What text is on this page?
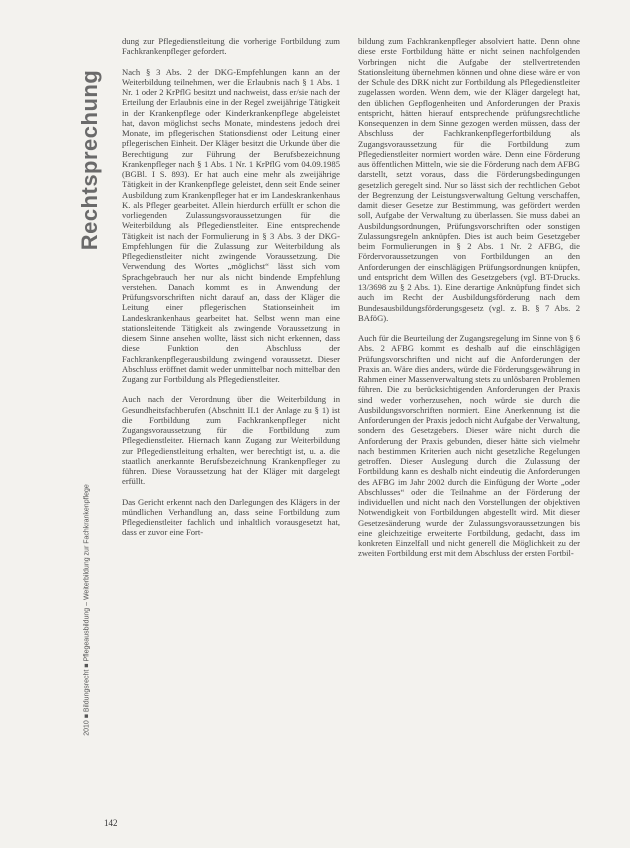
Rechtsprechung
2010 ■ Bildungsrecht ■ Pflegeausbildung – Weiterbildung zur Fachkrankenpflege

dung zur Pflegedienstleitung die vorherige Fortbildung zum Fachkrankenpfleger gefordert.

Nach § 3 Abs. 2 der DKG-Empfehlungen kann an der Weiterbildung teilnehmen, wer die Erlaubnis nach § 1 Abs. 1 Nr. 1 oder 2 KrPflG besitzt und nachweist, dass er/sie nach der Erteilung der Erlaubnis eine in der Regel zweijährige Tätigkeit in der Krankenpflege oder Kinderkrankenpflege abgeleistet hat, davon möglichst sechs Monate, mindestens jedoch drei Monate, im pflegerischen Stationsdienst oder Leitung einer pflegerischen Einheit. Der Kläger besitzt die Urkunde über die Berechtigung zur Führung der Berufsbezeichnung Krankenpfleger nach § 1 Abs. 1 Nr. 1 KrPflG vom 04.09.1985 (BGBl. I S. 893). Er hat auch eine mehr als zweijährige Tätigkeit in der Krankenpflege geleistet, denn seit Ende seiner Ausbildung zum Krankenpfleger hat er im Landeskrankenhaus K. als Pfleger gearbeitet. Allein hierdurch erfüllt er schon die vorliegenden Zulassungsvoraussetzungen für die Weiterbildung als Pflegedienstleiter. Eine entsprechende Tätigkeit ist nach der Formulierung in § 3 Abs. 3 der DKG-Empfehlungen für die Zulassung zur Weiterbildung als Pflegedienstleiter nicht zwingende Voraussetzung. Die Verwendung des Wortes „möglichst“ lässt sich vom Sprachgebrauch her nur als nicht bindende Empfehlung verstehen. Danach kommt es in Anwendung der Prüfungsvorschriften nicht darauf an, dass der Kläger die Leitung einer pflegerischen Stationseinheit im Landeskrankenhaus gearbeitet hat. Selbst wenn man eine stationsleitende Tätigkeit als zwingende Voraussetzung in diesem Sinne ansehen wollte, lässt sich nicht erkennen, dass diese Funktion den Abschluss der Fachkrankenpflegerausbildung zwingend voraussetzt. Dieser Abschluss eröffnet damit weder unmittelbar noch mittelbar den Zugang zur Fortbildung als Pflegedienstleiter.

Auch nach der Verordnung über die Weiterbildung in Gesundheitsfachberufen (Abschnitt II.1 der Anlage zu § 1) ist die Fortbildung zum Fachkrankenpfleger nicht Zugangsvoraussetzung für die Fortbildung zum Pflegedienstleiter. Hiernach kann Zugang zur Weiterbildung zur Pflegedienstleitung erhalten, wer berechtigt ist, u. a. die staatlich anerkannte Berufsbezeichnung Krankenpfleger zu führen. Diese Voraussetzung hat der Kläger mit dargelegt erfüllt.

Das Gericht erkennt nach den Darlegungen des Klägers in der mündlichen Verhandlung an, dass seine Fortbildung zum Pflegedienstleiter fachlich und inhaltlich vorausgesetzt hat, dass er zuvor eine Fort-

bildung zum Fachkrankenpfleger absolviert hatte. Denn ohne diese erste Fortbildung hätte er nicht seinen nachfolgenden Vorbringen nicht die Aufgabe der stellvertretenden Stationsleitung übernehmen können und ohne diese wäre er von der Schule des DRK nicht zur Fortbildung als Pflegedienstleiter zugelassen worden. Wenn dem, wie der Kläger dargelegt hat, den üblichen Gepflogenheiten und Anforderungen der Praxis entspricht, hätten hierauf entsprechende prüfungsrechtliche Konsequenzen in dem Sinne gezogen werden müssen, dass der Abschluss der Fachkrankenpflegerfortbildung als Zugangsvoraussetzung für die Fortbildung zum Pflegedienstleiter normiert worden wäre. Denn eine Förderung aus öffentlichen Mitteln, wie sie die Förderung nach dem AFBG darstellt, setzt voraus, dass die Förderungsbedingungen gesetzlich geregelt sind. Nur so lässt sich der rechtlichen Gebot der Begrenzung der Leistungsverwaltung Geltung verschaffen, damit dieser Gesetze zur Bestimmung, was gefördert werden soll, Aufgabe der Verwaltung zu überlassen. Sie muss dabei an Ausbildungsordnungen, Prüfungsvorschriften oder sonstigen Zulassungsregeln anknüpfen. Dies ist auch beim Gesetzgeber beim Formulierungen in § 2 Abs. 1 Nr. 2 AFBG, die Fördervoraussetzungen von Fortbildungen an den Anforderungen der einschlägigen Prüfungsordnungen knüpfen, und entspricht dem Willen des Gesetzgebers (vgl. BT-Drucks. 13/3698 zu § 2 Abs. 1). Eine derartige Anknüpfung findet sich auch im Recht der Ausbildungsförderung nach dem Bundesausbildungsförderungsgesetz (vgl. z. B. § 7 Abs. 2 BAföG).

Auch für die Beurteilung der Zugangsregelung im Sinne von § 6 Abs. 2 AFBG kommt es deshalb auf die einschlägigen Prüfungsvorschriften und nicht auf die Anforderungen der Praxis an. Wäre dies anders, würde die Förderungsgewährung in Rahmen einer Massenverwaltung stets zu unlösbaren Problemen führen. Die zu berücksichtigenden Anforderungen der Praxis sind weder vorherzusehen, noch würde sie durch die Ausbildungsvorschriften normiert. Eine Anerkennung ist die Anforderungen der Praxis jedoch nicht Aufgabe der Verwaltung, sondern des Gesetzgebers. Dieser wäre nicht durch die Anforderung der Praxis gebunden, dieser hätte sich vielmehr nach bestimmen Kriterien auch nicht gesetzliche Regelungen getroffen. Dieser Auslegung durch die Zulassung der Fortbildung kann es deshalb nicht eindeutig die Anforderungen des AFBG im Jahr 2002 durch die Einfügung der Worte „oder Abschlusses“ oder die Teilnahme an der Förderung der individuellen und nicht nach den Vorstellungen der objektiven Notwendigkeit von Fortbildungen abgestellt wird. Mit dieser Gesetzesänderung wurde der Zulassungsvoraussetzungen bis eine gleichzeitige erweiterte Fortbildung, gedacht, dass im konkreten Einzelfall und nicht generell die Möglichkeit zu der zweiten Fortbildung erst mit dem Abschluss der ersten Fortbil-

142
